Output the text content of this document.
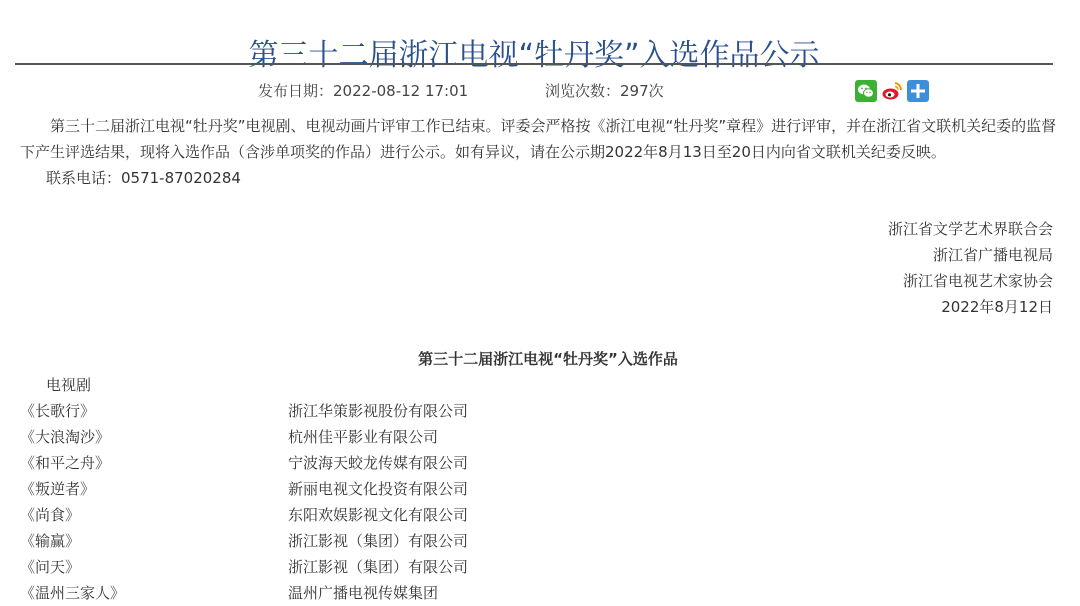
第三十二届浙江电视“牡丹奖”入选作品公示
发布日期：2022-08-12 17:01	浏览次数：297次
第三十二届浙江电视“牡丹奖”电视剧、电视动画片评审工作已结束。评委会严格按《浙江电视“牡丹奖”章程》进行评审，并在浙江省文联机关纪委的监督下产生评选结果，现将入选作品（含涉单项奖的作品）进行公示。如有异议，请在公示期2022年8月13日至20日内向省文联机关纪委反映。
联系电话：0571-87020284
浙江省文学艺术界联合会
浙江省广播电视局
浙江省电视艺术家协会
2022年8月12日
第三十二届浙江电视“牡丹奖”入选作品
电视剧
《长歌行》	浙江华策影视股份有限公司
《大浪淘沙》	杭州佳平影业有限公司
《和平之舟》	宁波海天蛟龙传媒有限公司
《叛逆者》	新丽电视文化投资有限公司
《尚食》	东阳欢娱影视文化有限公司
《输赢》	浙江影视（集团）有限公司
《问天》	浙江影视（集团）有限公司
《温州三家人》	温州广播电视传媒集团
